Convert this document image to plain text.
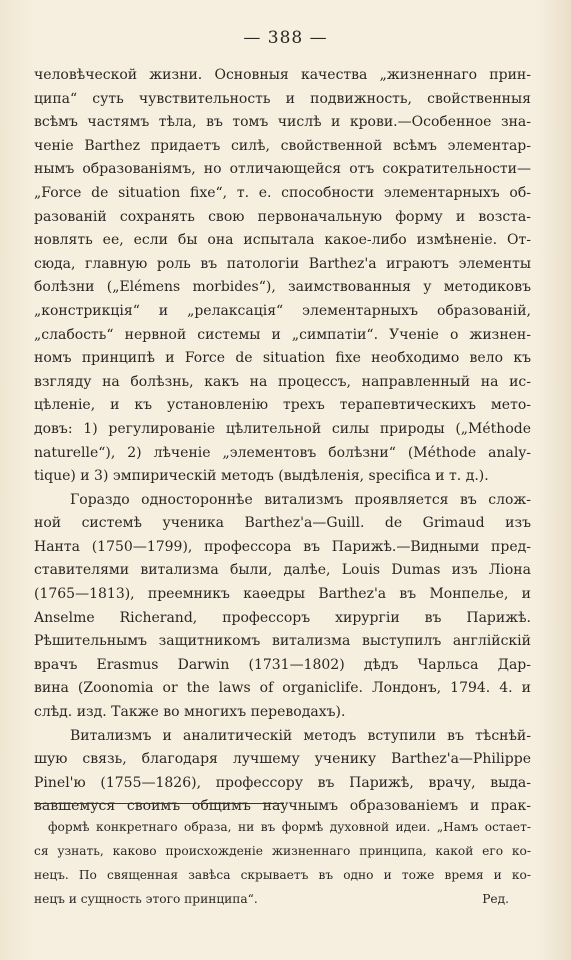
— 388 —
человѣческой жизни. Основныя качества „жизненнаго прин-
ципа“ суть чувствительность и подвижность, свойственныя
всѣмъ частямъ тѣла, въ томъ числѣ и крови.—Особенное зна-
ченіе Barthez придаетъ силѣ, свойственной всѣмъ элементар-
нымъ образованіямъ, но отличающейся отъ сократительности—
„Force de situation fixe“, т. е. способности элементарныхъ об-
разованій сохранять свою первоначальную форму и возста-
новлять ее, если бы она испытала какое-либо измѣненіе. От-
сюда, главную роль въ патологіи Barthez'a играютъ элементы
болѣзни („Elémens morbides“), заимствованныя у методиковъ
„констрикція“ и „релаксація“ элементарныхъ образованій,
„слабость“ нервной системы и „симпатіи“. Ученіе о жизнен-
номъ принципѣ и Force de situation fixe необходимо вело къ
взгляду на болѣзнь, какъ на процессъ, направленный на ис-
цѣленіе, и къ установленію трехъ терапевтическихъ мето-
довъ: 1) регулированіе цѣлительной силы природы („Méthode
naturelle“), 2) лѣченіе „элементовъ болѣзни“ (Méthode analy-
tique) и 3) эмпирическій методъ (выдѣленія, specifica и т. д.).
Гораздо одностороннѣе витализмъ проявляется въ слож-
ной системѣ ученика Barthez'a—Guill. de Grimaud изъ
Нанта (1750—1799), профессора въ Парижѣ.—Видными пред-
ставителями витализма были, далѣе, Louis Dumas изъ Ліона
(1765—1813), преемникъ каѳедры Barthez'a въ Монпелье, и
Anselme Richerand, профессоръ хирургіи въ Парижѣ.
Рѣшительнымъ защитникомъ витализма выступилъ англійскій
врачъ Erasmus Darwin (1731—1802) дѣдъ Чарльса Дар-
вина (Zoonomia or the laws of organiclife. Лондонъ, 1794. 4. и
слѣд. изд. Также во многихъ переводахъ).
Витализмъ и аналитическій методъ вступили въ тѣснѣй-
шую связь, благодаря лучшему ученику Barthez'a—Philippe
Pinel'ю (1755—1826), профессору въ Парижѣ, врачу, выда-
вавшемуся своимъ общимъ научнымъ образованіемъ и прак-
формѣ конкретнаго образа, ни въ формѣ духовной идеи. „Намъ остает-
ся узнать, каково происхожденіе жизненнаго принципа, какой его ко-
нецъ. По священная завѣса скрываетъ въ одно и тоже время и ко-
нецъ и сущность этого принципа“.	Ред.
